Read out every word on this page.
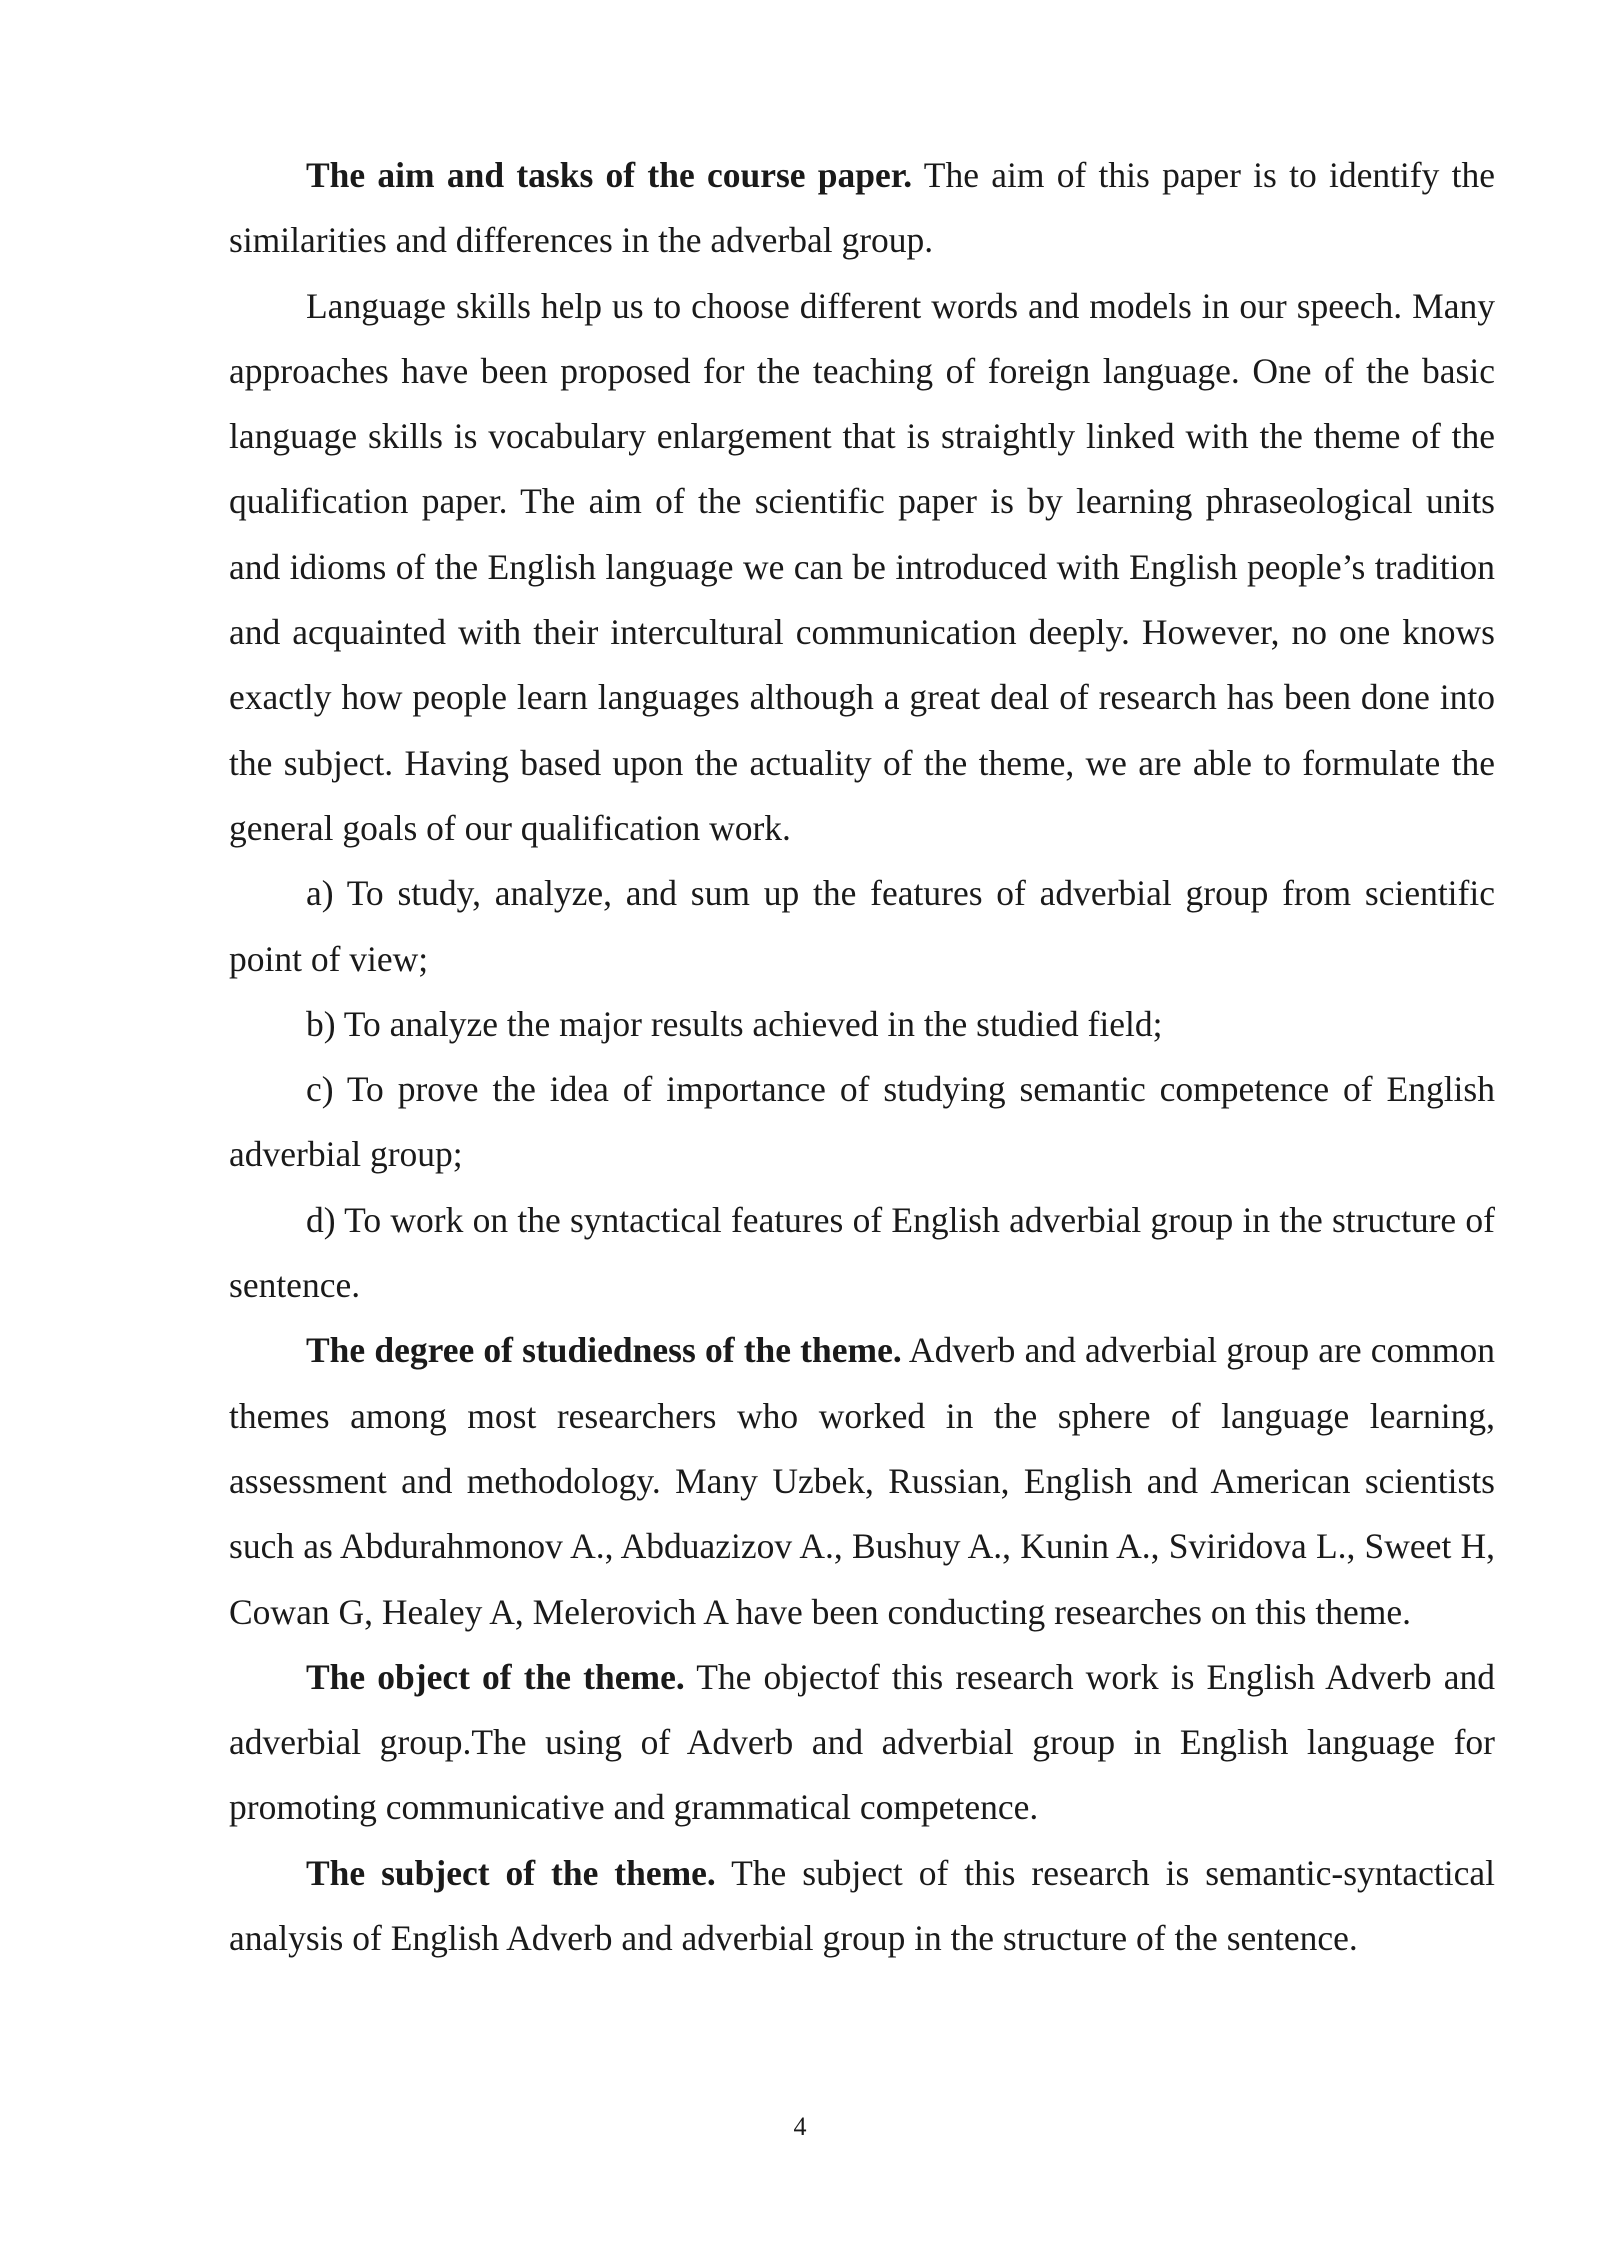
The aim and tasks of the course paper. The aim of this paper is to identify the similarities and differences in the adverbal group.

Language skills help us to choose different words and models in our speech. Many approaches have been proposed for the teaching of foreign language. One of the basic language skills is vocabulary enlargement that is straightly linked with the theme of the qualification paper. The aim of the scientific paper is by learning phraseological units and idioms of the English language we can be introduced with English people’s tradition and acquainted with their intercultural communication deeply. However, no one knows exactly how people learn languages although a great deal of research has been done into the subject. Having based upon the actuality of the theme, we are able to formulate the general goals of our qualification work.

a) To study, analyze, and sum up the features of adverbial group from scientific point of view;

b) To analyze the major results achieved in the studied field;

c) To prove the idea of importance of studying semantic competence of English adverbial group;

d) To work on the syntactical features of English adverbial group in the structure of sentence.

The degree of studiedness of the theme. Adverb and adverbial group are common themes among most researchers who worked in the sphere of language learning, assessment and methodology. Many Uzbek, Russian, English and American scientists such as Abdurahmonov A., Abduazizov A., Bushuy A., Kunin A., Sviridova L., Sweet H, Cowan G, Healey A, Melerovich A have been conducting researches on this theme.

The object of the theme. The objectof this research work is English Adverb and adverbial group.The using of Adverb and adverbial group in English language for promoting communicative and grammatical competence.

The subject of the theme. The subject of this research is semantic-syntactical analysis of English Adverb and adverbial group in the structure of the sentence.

4
